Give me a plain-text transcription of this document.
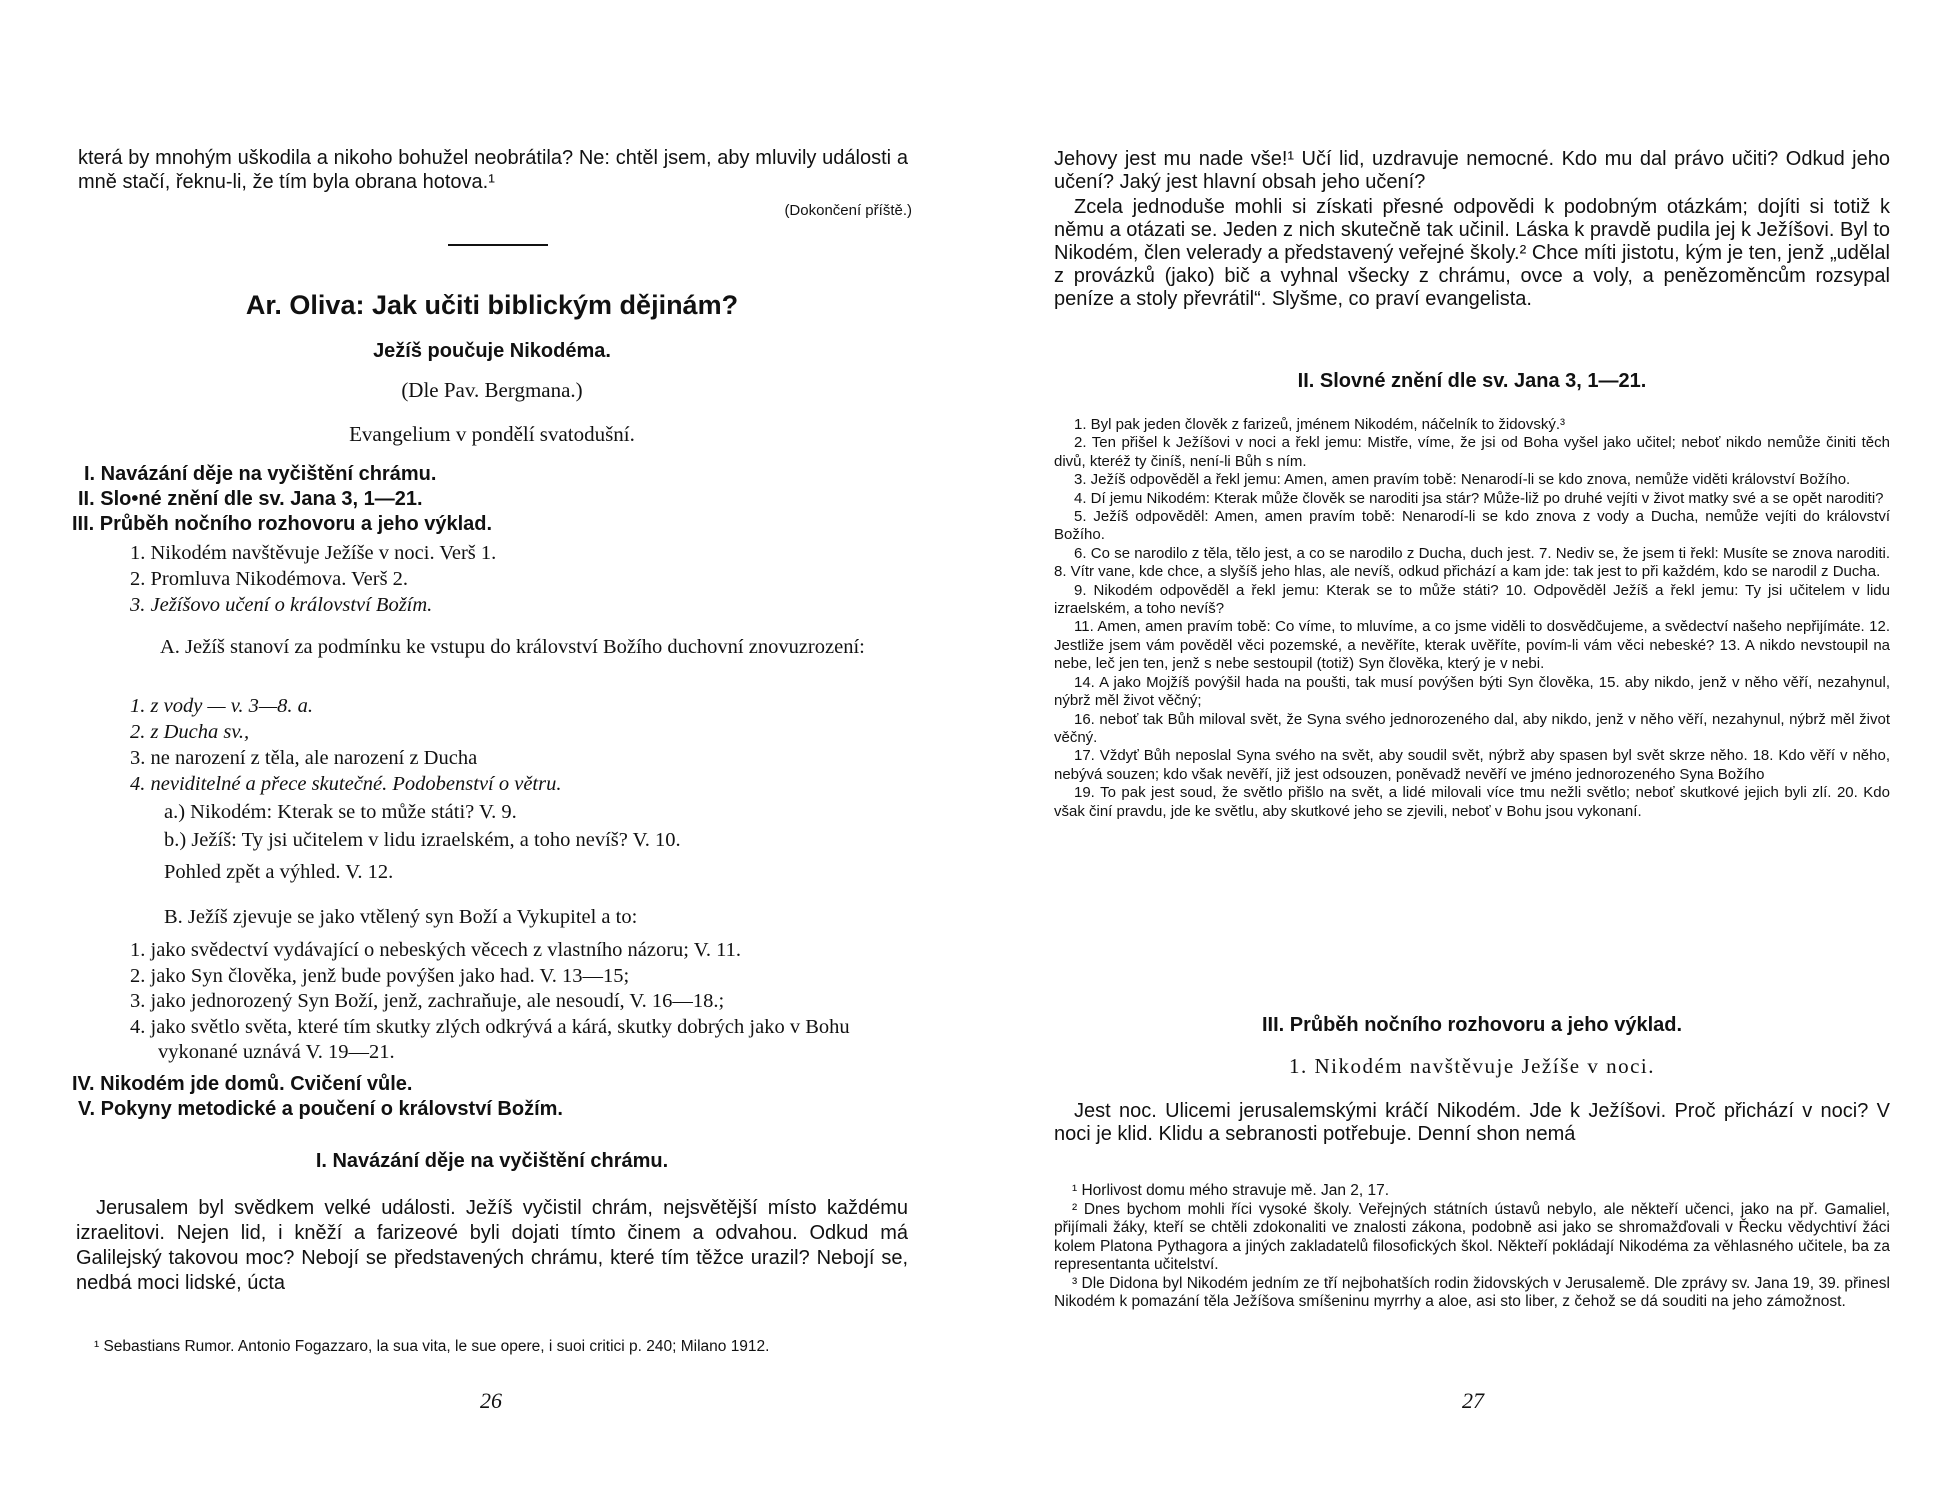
která by mnohým uškodila a nikoho bohužel neobrátila? Ne: chtěl jsem, aby mluvily události a mně stačí, řeknu-li, že tím byla obrana hotova.¹

(Dokončení příště.)
Ar. Oliva: Jak učiti biblickým dějinám?
Ježíš poučuje Nikodéma.
(Dle Pav. Bergmana.)
Evangelium v pondělí svatodušní.
I. Navázání děje na vyčištění chrámu.
II. Slo•né znění dle sv. Jana 3, 1—21.
III. Průběh nočního rozhovoru a jeho výklad.
1. Nikodém navštěvuje Ježíše v noci. Verš 1.
2. Promluva Nikodémova. Verš 2.
3. Ježíšovo učení o království Božím.
A. Ježíš stanoví za podmínku ke vstupu do království Božího duchovní znovuzrození:
1. z vody — v. 3—8. a.
2. z Ducha sv.,
3. ne narození z těla, ale narození z Ducha
4. neviditelné a přece skutečné. Podobenství o větru.
a.) Nikodém: Kterak se to může státi? V. 9.
b.) Ježíš: Ty jsi učitelem v lidu izraelském, a toho nevíš? V. 10.
Pohled zpět a výhled. V. 12.
B. Ježíš zjevuje se jako vtělený syn Boží a Vykupitel a to:
1. jako svědectví vydávající o nebeských věcech z vlastního názoru; V. 11.
2. jako Syn člověka, jenž bude povýšen jako had. V. 13—15;
3. jako jednorozený Syn Boží, jenž, zachraňuje, ale nesoudí, V. 16—18.;
4. jako světlo světa, které tím skutky zlých odkrývá a kárá, skutky dobrých jako v Bohu vykonané uznává V. 19—21.
IV. Nikodém jde domů. Cvičení vůle.
V. Pokyny metodické a poučení o království Božím.
I. Navázání děje na vyčištění chrámu.

Jerusalem byl svědkem velké události. Ježíš vyčistil chrám, nejsvětější místo každému izraelitovi. Nejen lid, i kněží a farizeové byli dojati tímto činem a odvahou. Odkud má Galilejský takovou moc? Nebojí se představených chrámu, které tím těžce urazil? Nebojí se, nedbá moci lidské, úcta

¹ Sebastians Rumor. Antonio Fogazzaro, la sua vita, le sue opere, i suoi critici p. 240; Milano 1912.

26

Jehovy jest mu nade vše!¹ Učí lid, uzdravuje nemocné. Kdo mu dal právo učiti? Odkud jeho učení? Jaký jest hlavní obsah jeho učení?

Zcela jednoduše mohli si získati přesné odpovědi k podobným otázkám; dojíti si totiž k němu a otázati se. Jeden z nich skutečně tak učinil. Láska k pravdě pudila jej k Ježíšovi. Byl to Nikodém, člen velerady a představený veřejné školy.² Chce míti jistotu, kým je ten, jenž „udělal z provázků (jako) bič a vyhnal všecky z chrámu, ovce a voly, a penězoměncům rozsypal peníze a stoly převrátil“. Slyšme, co praví evangelista.

II. Slovné znění dle sv. Jana 3, 1—21.
1. Byl pak jeden člověk z farizeů, jménem Nikodém, náčelník to židovský.³
2. Ten přišel k Ježíšovi v noci a řekl jemu: Mistře, víme, že jsi od Boha vyšel jako učitel; neboť nikdo nemůže činiti těch divů, kteréž ty činíš, není-li Bůh s ním.
3. Ježíš odpověděl a řekl jemu: Amen, amen pravím tobě: Nenarodí-li se kdo znova, nemůže viděti království Božího.
4. Dí jemu Nikodém: Kterak může člověk se naroditi jsa stár? Může-liž po druhé vejíti v život matky své a se opět naroditi?
5. Ježíš odpověděl: Amen, amen pravím tobě: Nenarodí-li se kdo znova z vody a Ducha, nemůže vejíti do království Božího.
6. Co se narodilo z těla, tělo jest, a co se narodilo z Ducha, duch jest. 7. Nediv se, že jsem ti řekl: Musíte se znova naroditi. 8. Vítr vane, kde chce, a slyšíš jeho hlas, ale nevíš, odkud přichází a kam jde: tak jest to při každém, kdo se narodil z Ducha.
9. Nikodém odpověděl a řekl jemu: Kterak se to může státi? 10. Odpověděl Ježíš a řekl jemu: Ty jsi učitelem v lidu izraelském, a toho nevíš?
11. Amen, amen pravím tobě: Co víme, to mluvíme, a co jsme viděli to dosvědčujeme, a svědectví našeho nepřijímáte. 12. Jestliže jsem vám pověděl věci pozemské, a nevěříte, kterak uvěříte, povím-li vám věci nebeské? 13. A nikdo nevstoupil na nebe, leč jen ten, jenž s nebe sestoupil (totiž) Syn člověka, který je v nebi.
14. A jako Mojžíš povýšil hada na poušti, tak musí povýšen býti Syn člověka, 15. aby nikdo, jenž v něho věří, nezahynul, nýbrž měl život věčný;
16. neboť tak Bůh miloval svět, že Syna svého jednorozeného dal, aby nikdo, jenž v něho věří, nezahynul, nýbrž měl život věčný.
17. Vždyť Bůh neposlal Syna svého na svět, aby soudil svět, nýbrž aby spasen byl svět skrze něho. 18. Kdo věří v něho, nebývá souzen; kdo však nevěří, již jest odsouzen, poněvadž nevěří ve jméno jednorozeného Syna Božího
19. To pak jest soud, že světlo přišlo na svět, a lidé milovali více tmu nežli světlo; neboť skutkové jejich byli zlí. 20. Kdo však činí pravdu, jde ke světlu, aby skutkové jeho se zjevili, neboť v Bohu jsou vykonaní.
III. Průběh nočního rozhovoru a jeho výklad.
1. Nikodém navštěvuje Ježíše v noci.

Jest noc. Ulicemi jerusalemskými kráčí Nikodém. Jde k Ježíšovi. Proč přichází v noci? V noci je klid. Klidu a sebranosti potřebuje. Denní shon nemá

¹ Horlivost domu mého stravuje mě. Jan 2, 17.
² Dnes bychom mohli říci vysoké školy. Veřejných státních ústavů nebylo, ale někteří učenci, jako na př. Gamaliel, přijímali žáky, kteří se chtěli zdokonaliti ve znalosti zákona, podobně asi jako se shromažďovali v Řecku vědychtiví žáci kolem Platona Pythagora a jiných zakladatelů filosofických škol. Někteří pokládají Nikodéma za věhlasného učitele, ba za representanta učitelství.
³ Dle Didona byl Nikodém jedním ze tří nejbohatších rodin židovských v Jerusalemě. Dle zprávy sv. Jana 19, 39. přinesl Nikodém k pomazání těla Ježíšova smíšeninu myrrhy a aloe, asi sto liber, z čehož se dá souditi na jeho zámožnost.
27
